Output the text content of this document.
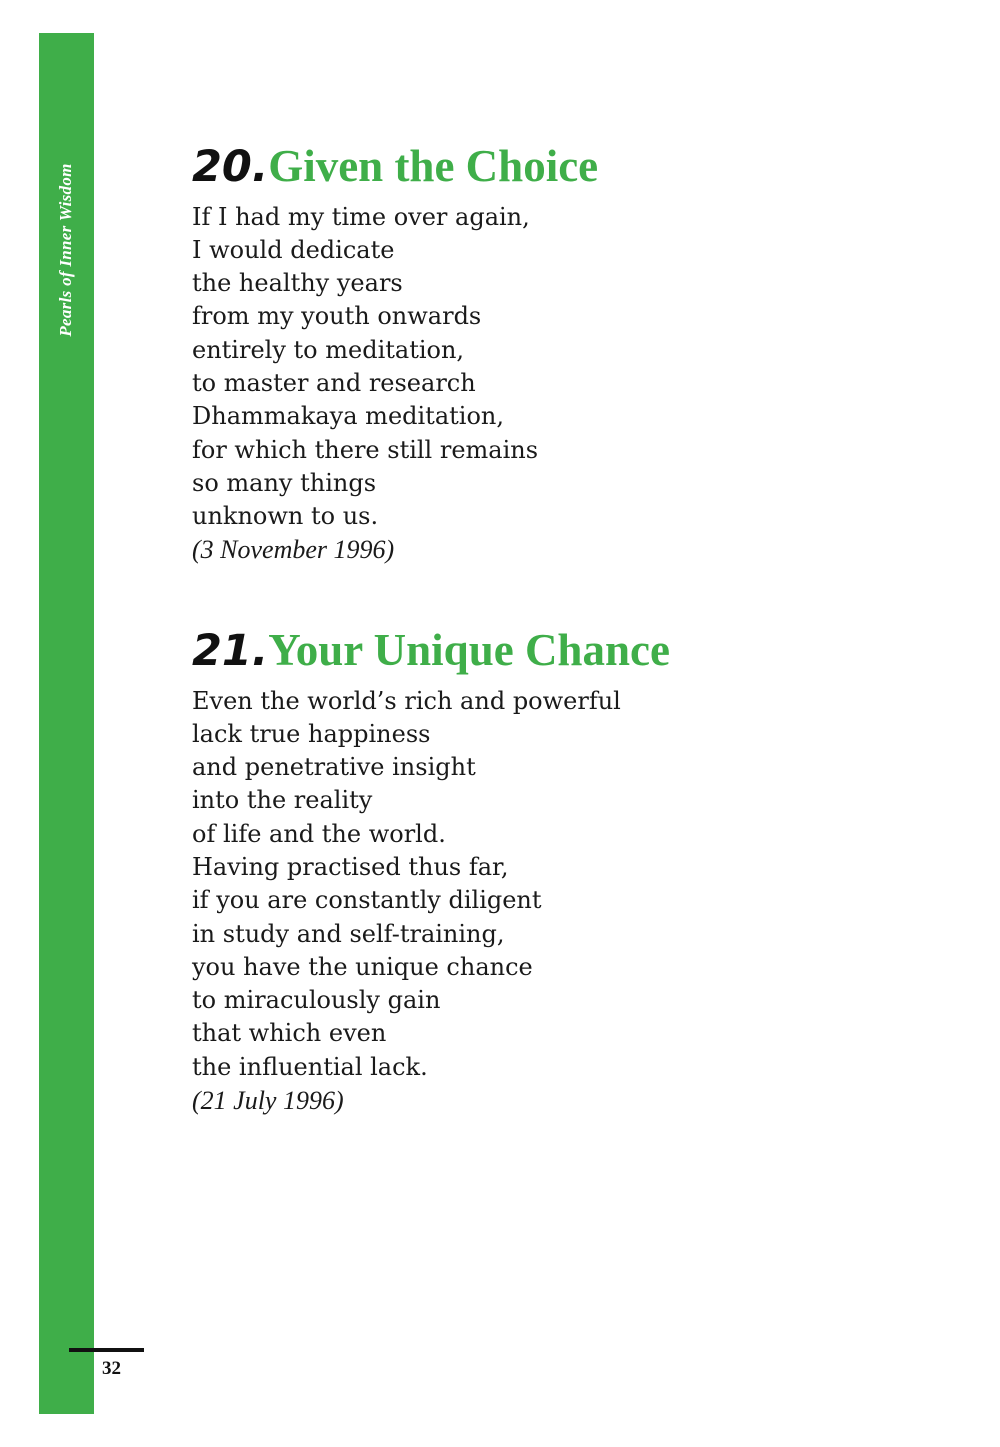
Pearls of Inner Wisdom
32
20.Given the Choice
If I had my time over again,
I would dedicate
the healthy years
from my youth onwards
entirely to meditation,
to master and research
Dhammakaya meditation,
for which there still remains
so many things
unknown to us.
(3 November 1996)
21.Your Unique Chance
Even the world’s rich and powerful
lack true happiness
and penetrative insight
into the reality
of life and the world.
Having practised thus far,
if you are constantly diligent
in study and self-training,
you have the unique chance
to miraculously gain
that which even
the influential lack.
(21 July 1996)
